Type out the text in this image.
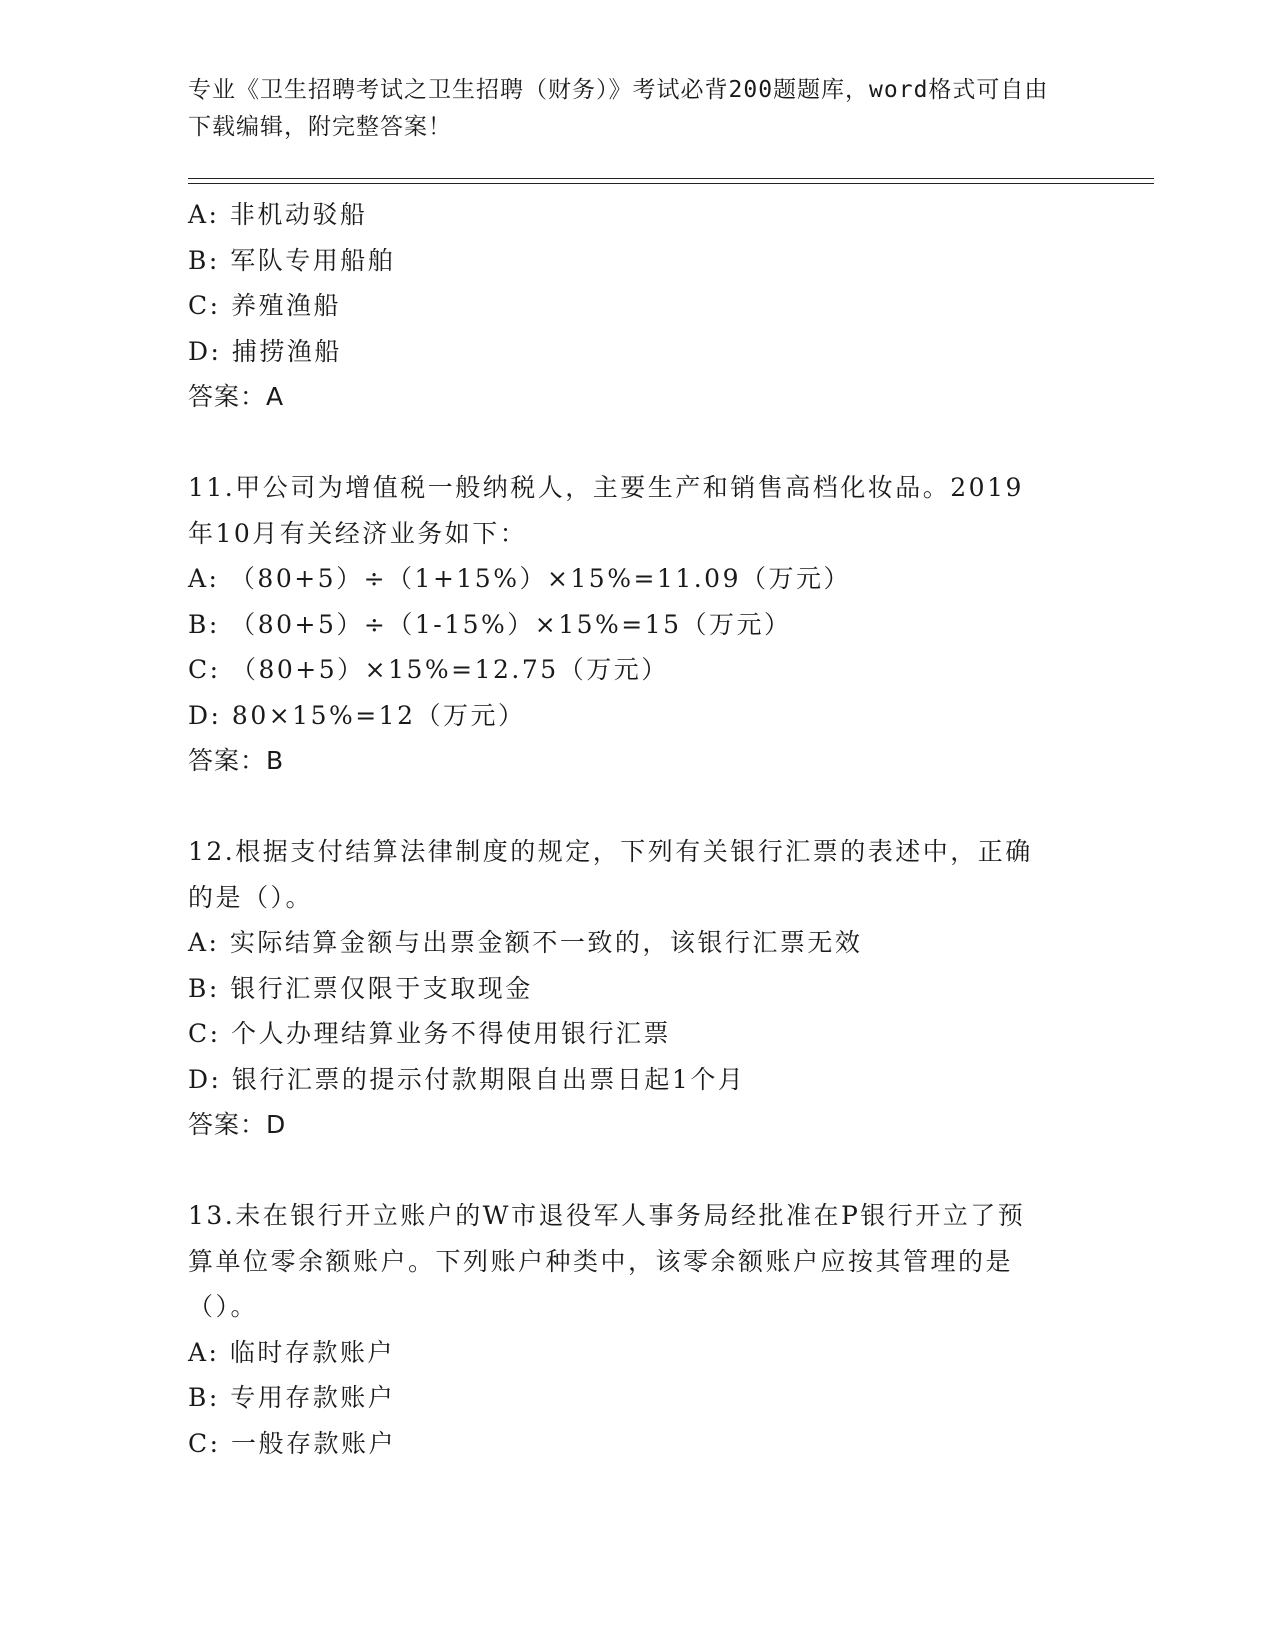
专业《卫生招聘考试之卫生招聘（财务）》考试必背200题题库，word格式可自由下载编辑，附完整答案！
A: 非机动驳船
B: 军队专用船舶
C: 养殖渔船
D: 捕捞渔船
答案：A
11.甲公司为增值税一般纳税人，主要生产和销售高档化妆品。2019
年10月有关经济业务如下：
A: （80+5）÷（1+15%）×15%=11.09（万元）
B: （80+5）÷（1-15%）×15%=15（万元）
C: （80+5）×15%=12.75（万元）
D: 80×15%=12（万元）
答案：B
12.根据支付结算法律制度的规定，下列有关银行汇票的表述中，正确
的是（）。
A: 实际结算金额与出票金额不一致的，该银行汇票无效
B: 银行汇票仅限于支取现金
C: 个人办理结算业务不得使用银行汇票
D: 银行汇票的提示付款期限自出票日起1个月
答案：D
13.未在银行开立账户的W市退役军人事务局经批准在P银行开立了预
算单位零余额账户。下列账户种类中，该零余额账户应按其管理的是
（）。
A: 临时存款账户
B: 专用存款账户
C: 一般存款账户
